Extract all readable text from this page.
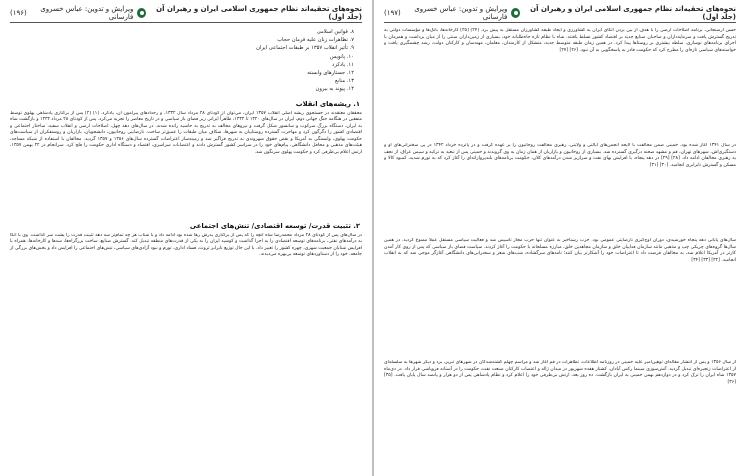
نحوه‌های تحقیه‌اند نظام جمهوری اسلامی ایران و رهبران آن (جلد اول)
ویرایش و تدوین: عباس خسروی فارسانی
(۱۹۶)
۸. قوانین اسلامی
۷. تظاهرات زنان علیه فرمان حجاب
۹. تأثیر انقلاب ۱۳۵۷ بر طبقات اجتماعی ایران
۱۰. پانویس
۱۱. یادکرد
۱۲. جستارهای وابسته
۱۳. منابع
۱۴. پیوند به بیرون
۱. ریشه‌های انقلاب

محققان معتقدند در جستجوی ریشه اصلی انقلاب ۱۳۵۷ ایران، می‌توان از کودتای ۲۸ مرداد سال ۱۳۳۲، و رخدادهای پیرامون آن، یادکرد. [۱] [۲] پس از برکناری پادشاهی پهلوی توسط متفقین در هنگامه جنگ جهانی دوم، ایران در سال‌های ۱۳۲۰ تا ۱۳۳۲، ظاهراً ایرانی زیر فضای باز سیاسی و در تاریخ معاصر را تجربه می‌کرد. پس از کودتای ۲۸ مرداد ۱۳۳۲ و بازگشت شاه به ایران، دستگاه بزرگ سرکوب و سانسور شکل گرفت و نیروهای مخالف به تدریج به حاشیه رانده شدند. در سال‌های دهه چهل، اصلاحات ارضی و انقلاب سفید، ساختار اجتماعی و اقتصادی کشور را دگرگون کرد و مهاجرت گسترده روستاییان به شهرها، شکاف میان طبقات را عمیق‌تر ساخت. نارضایتی روحانیون، دانشجویان، بازاریان و روشنفکران از سیاست‌های حکومت پهلوی، وابستگی به آمریکا و نقض حقوق شهروندی به تدریج فراگیر شد و زمینه‌ساز اعتراضات گسترده سال‌های ۱۳۵۶ و ۱۳۵۷ گردید. مخالفان با استفاده از شبکه مساجد، هیئت‌های مذهبی و محافل دانشگاهی، پیام‌های خود را در سراسر کشور گسترش دادند و اعتصابات سراسری، اقتصاد و دستگاه اداری حکومت را فلج کرد. سرانجام در ۲۲ بهمن ۱۳۵۷، ارتش اعلام بی‌طرفی کرد و حکومت پهلوی سرنگون شد.

۲. تثبیت قدرت/ توسعه اقتصادی/ تنش‌های اجتماعی

در سال‌های پس از کودتای ۲۸ مرداد محمدرضا شاه آنچه را که پس از برکناری پدرش رها شده بود ادامه داد و با شتاب هر چه تمام‌تر سه دهه تثبیت قدرت را پشت سر گذاشت. وی با اتکا به درآمدهای نفتی، برنامه‌های توسعه اقتصادی را به اجرا گذاشت و کوشید ایران را به یکی از قدرت‌های منطقه تبدیل کند. گسترش صنایع، ساخت بزرگراه‌ها، سدها و کارخانه‌ها، همراه با افزایش شتابان جمعیت شهری، چهره کشور را تغییر داد. با این حال توزیع نابرابر ثروت، فساد اداری، تورم و نبود آزادی‌های سیاسی، تنش‌های اجتماعی را افزایش داد و بخش‌های بزرگی از جامعه، خود را از دستاوردهای توسعه بی‌بهره می‌دیدند.

نحوه‌های تحقیه‌اند نظام جمهوری اسلامی ایران و رهبران آن (جلد اول)
ویرایش و تدوین: عباس خسروی فارسانی
(۱۹۷)

حسن ارسنجانی، برنامه اصلاحات ارضی را با هدف از بین بردن اتکای ایران به کشاورزی و ایجاد طبقه کشاورزان مستقل به پیش برد. [۲۴] [۲۵] کارخانه‌ها، بانک‌ها و مؤسسات دولتی به تدریج گسترش یافت و سرمایه‌داران و صاحبان صنایع جدید بر اقتصاد کشور تسلط یافتند. شاه با نظام تازه جاه‌طلبانه خود، بسیاری از زمین‌داران سنتی را از میان برداشت و همزمان با اجرای برنامه‌های نوسازی، سلطه بیشتری بر روستاها پیدا کرد. در همین زمان طبقه متوسط جدید، متشکل از کارمندان، معلمان، مهندسان و کارکنان دولت، رشد چشمگیری یافت و خواسته‌های سیاسی تازه‌ای را مطرح کرد که حکومت قادر به پاسخگویی به آن نبود. [۲۶] [۲۷]

در سال ۱۳۴۱ آغاز شده بود، خمینی ضمن مخالفت با لایحه انجمن‌های ایالتی و ولایتی، رهبری مخالفت روحانیون را بر عهده گرفت و در پانزده خرداد ۱۳۴۲ در پی سخنرانی‌های او و دستگیری‌اش، شهرهای تهران، قم و مشهد صحنه درگیری گسترده شد. بسیاری از روحانیون و بازاریان از همان زمان به وی گرویدند و خمینی پس از تبعید به ترکیه و سپس عراق، از نجف به رهبری مخالفان ادامه داد. [۲۸] [۲۹] در دهه پنجاه، با افزایش بهای نفت و سرازیر شدن درآمدهای کلان، حکومت برنامه‌های بلندپروازانه‌ای را آغاز کرد که به تورم شدید، کمبود کالا و مسکن و گسترش نابرابری انجامید. [۳۰] [۳۱]

سال‌های پایانی دهه پنجاه خورشیدی، دوران اوج‌گیری نارضایتی عمومی بود. حزب رستاخیز به عنوان تنها حزب مجاز تأسیس شد و فعالیت سیاسی مستقل عملاً ممنوع گردید. در همین سال‌ها گروه‌های چریکی چپ و مذهبی مانند سازمان فداییان خلق و سازمان مجاهدین خلق، مبارزه مسلحانه با حکومت را آغاز کردند. سیاست فضای باز سیاسی که پس از روی کار آمدن کارتر در آمریکا اعلام شد، به مخالفان فرصت داد تا اعتراضات خود را آشکارتر بیان کنند؛ نامه‌های سرگشاده، شب‌های شعر و سخنرانی‌های دانشگاهی آغازگر موجی شد که به انقلاب انجامید. [۳۲] [۳۳] [۳۴]

از سال ۱۳۵۶ و پس از انتشار مقاله‌ای توهین‌آمیز علیه خمینی در روزنامه اطلاعات، تظاهرات در قم آغاز شد و مراسم چهلم کشته‌شدگان در شهرهای تبریز، یزد و دیگر شهرها به سلسله‌ای از اعتراضات زنجیره‌ای تبدیل گردید. آتش‌سوزی سینما رکس آبادان، کشتار هفده شهریور در میدان ژاله و اعتصاب کارکنان صنعت نفت، حکومت را در آستانه فروپاشی قرار داد. در دی‌ماه ۱۳۵۷ شاه ایران را ترک کرد و در دوازدهم بهمن خمینی به ایران بازگشت. ده روز بعد، ارتش بی‌طرفی خود را اعلام کرد و نظام پادشاهی پس از دو هزار و پانصد سال پایان یافت. [۳۵] [۳۶]
